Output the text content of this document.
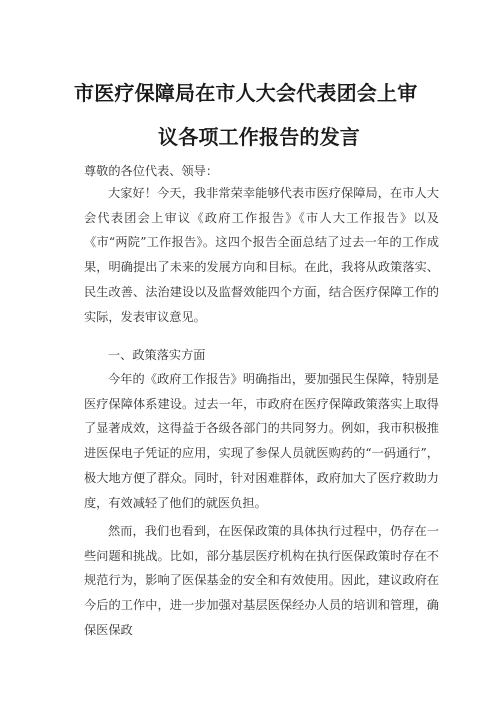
市医疗保障局在市人大会代表团会上审
议各项工作报告的发言
尊敬的各位代表、领导：
大家好！今天，我非常荣幸能够代表市医疗保障局，在市人大会代表团会上审议《政府工作报告》《市人大工作报告》以及《市“两院”工作报告》。这四个报告全面总结了过去一年的工作成果，明确提出了未来的发展方向和目标。在此，我将从政策落实、民生改善、法治建设以及监督效能四个方面，结合医疗保障工作的实际，发表审议意见。
一、政策落实方面
今年的《政府工作报告》明确指出，要加强民生保障，特别是医疗保障体系建设。过去一年，市政府在医疗保障政策落实上取得了显著成效，这得益于各级各部门的共同努力。例如，我市积极推进医保电子凭证的应用，实现了参保人员就医购药的“一码通行”，极大地方便了群众。同时，针对困难群体，政府加大了医疗救助力度，有效减轻了他们的就医负担。
然而，我们也看到，在医保政策的具体执行过程中，仍存在一些问题和挑战。比如，部分基层医疗机构在执行医保政策时存在不规范行为，影响了医保基金的安全和有效使用。因此，建议政府在今后的工作中，进一步加强对基层医保经办人员的培训和管理，确保医保政
